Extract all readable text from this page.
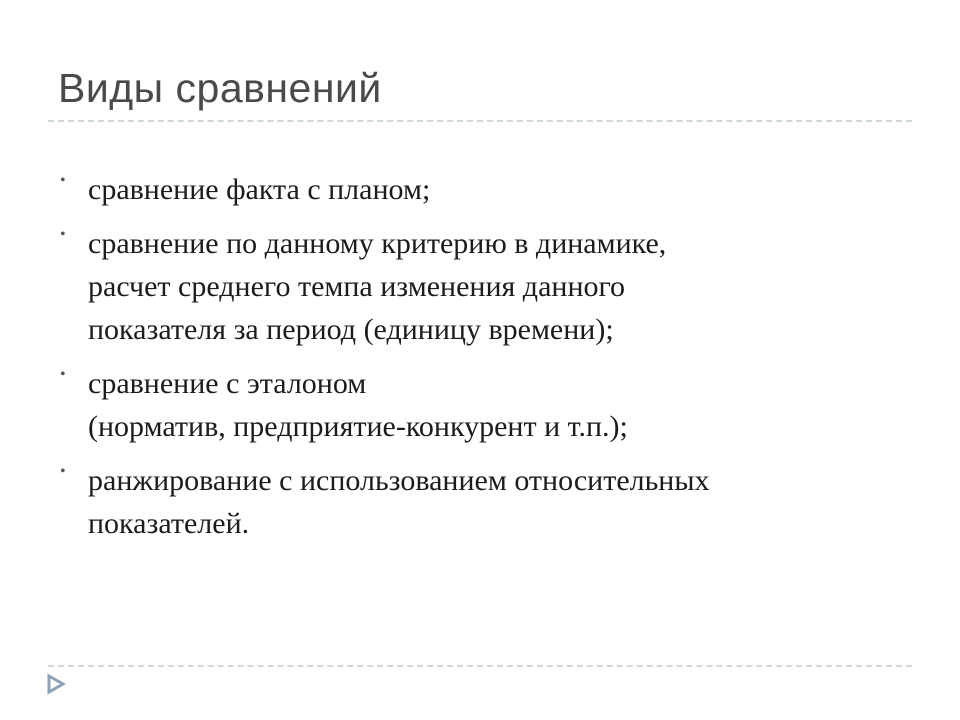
Виды сравнений
• сравнение факта с планом;
• сравнение по данному критерию в динамике,
расчет среднего темпа изменения данного
показателя за период (единицу времени);
• сравнение с эталоном
(норматив, предприятие-конкурент и т.п.);
• ранжирование с использованием относительных
показателей.
